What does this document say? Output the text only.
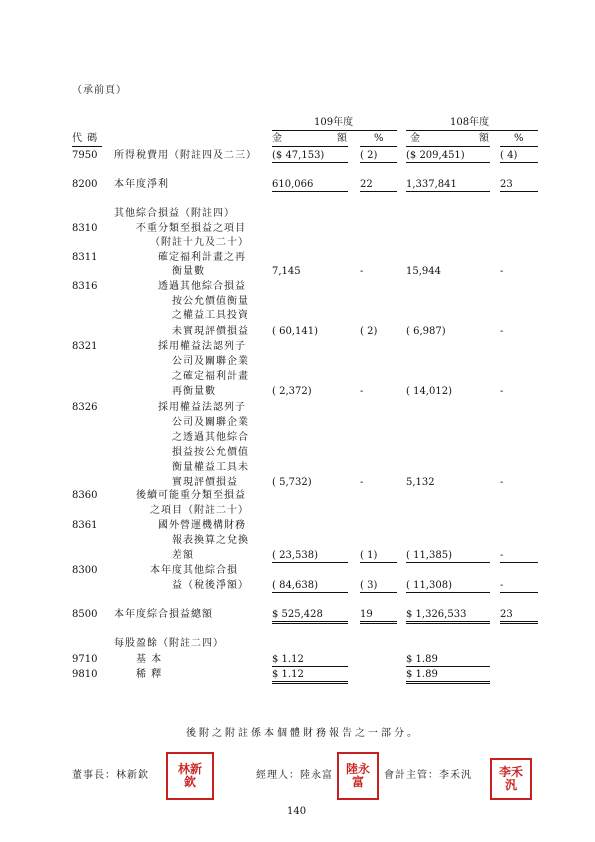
（承前頁）
109年度	108年度
代 碼	金	額	%	金	額 %
7950 所得稅費用（附註四及二三） ($ 47,153)	( 2)	($ 209,451)	( 4)
8200 本年度淨利	610,066	22	1,337,841	23
其他綜合損益（附註四）
8310	不重分類至損益之項目
（附註十九及二十）
8311	確定福利計畫之再
衡量數	7,145	-	15,944	-
8316	透過其他綜合損益
按公允價值衡量
之權益工具投資
未實現評價損益 ( 60,141)	( 2)	( 6,987)	-
8321	採用權益法認列子
公司及關聯企業
之確定福利計畫
再衡量數	( 2,372)	-	( 14,012)	-
8326	採用權益法認列子
公司及關聯企業
之透過其他綜合
損益按公允價值
衡量權益工具未
實現評價損益	( 5,732)	-	5,132	-
8360	後續可能重分類至損益
之項目（附註二十）
8361	國外營運機構財務
報表換算之兌換
差額	( 23,538)	( 1)	( 11,385)	-
8300	本年度其他綜合損
益（稅後淨額） ( 84,638)	( 3)	( 11,308)	-
8500 本年度綜合損益總額	$ 525,428	19	$ 1,326,533	23
每股盈餘（附註二四）
9710	基 本	$ 1.12	$ 1.89
9810	稀 釋	$ 1.12	$ 1.89
後附之附註係本個體財務報告之一部分。
董事長：林新欽 林新欽	經理人：陸永富 陸永富	會計主管：李禾汎 李禾汎
140
